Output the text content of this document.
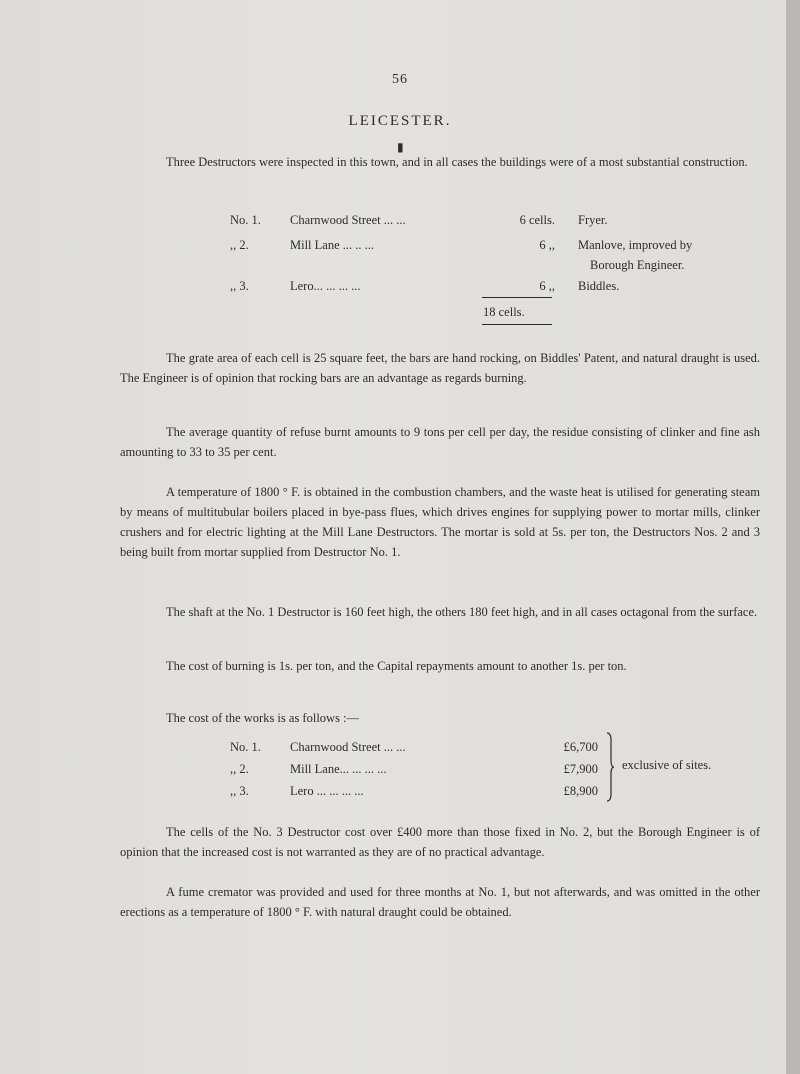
56
LEICESTER.
▮
Three Destructors were inspected in this town, and in all cases the buildings were of a most substantial construction.
No. 1. Charnwood Street ... ...	6 cells. Fryer.
,, 2.	Mill Lane ... .. ...	6 ,, Manlove, improved by
Borough Engineer.
,, 3.	Lero... ... ... ...	6 ,, Biddles.
18 cells.
The grate area of each cell is 25 square feet, the bars are hand rocking, on Biddles' Patent, and natural draught is used. The Engineer is of opinion that rocking bars are an advantage as regards burning.
The average quantity of refuse burnt amounts to 9 tons per cell per day, the residue consisting of clinker and fine ash amounting to 33 to 35 per cent.
A temperature of 1800 ° F. is obtained in the combustion chambers, and the waste heat is utilised for generating steam by means of multitubular boilers placed in bye-pass flues, which drives engines for supplying power to mortar mills, clinker crushers and for electric lighting at the Mill Lane Destructors. The mortar is sold at 5s. per ton, the Destructors Nos. 2 and 3 being built from mortar supplied from Destructor No. 1.
The shaft at the No. 1 Destructor is 160 feet high, the others 180 feet high, and in all cases octagonal from the surface.
The cost of burning is 1s. per ton, and the Capital repayments amount to another 1s. per ton.
The cost of the works is as follows :—
No. 1. Charnwood Street ... ...	£6,700
,, 2.	Mill Lane... ... ... ...	£7,900
,, 3.	Lero ... ... ... ...	£8,900
exclusive of sites.
The cells of the No. 3 Destructor cost over £400 more than those fixed in No. 2, but the Borough Engineer is of opinion that the increased cost is not warranted as they are of no practical advantage.
A fume cremator was provided and used for three months at No. 1, but not afterwards, and was omitted in the other erections as a temperature of 1800 ° F. with natural draught could be obtained.
